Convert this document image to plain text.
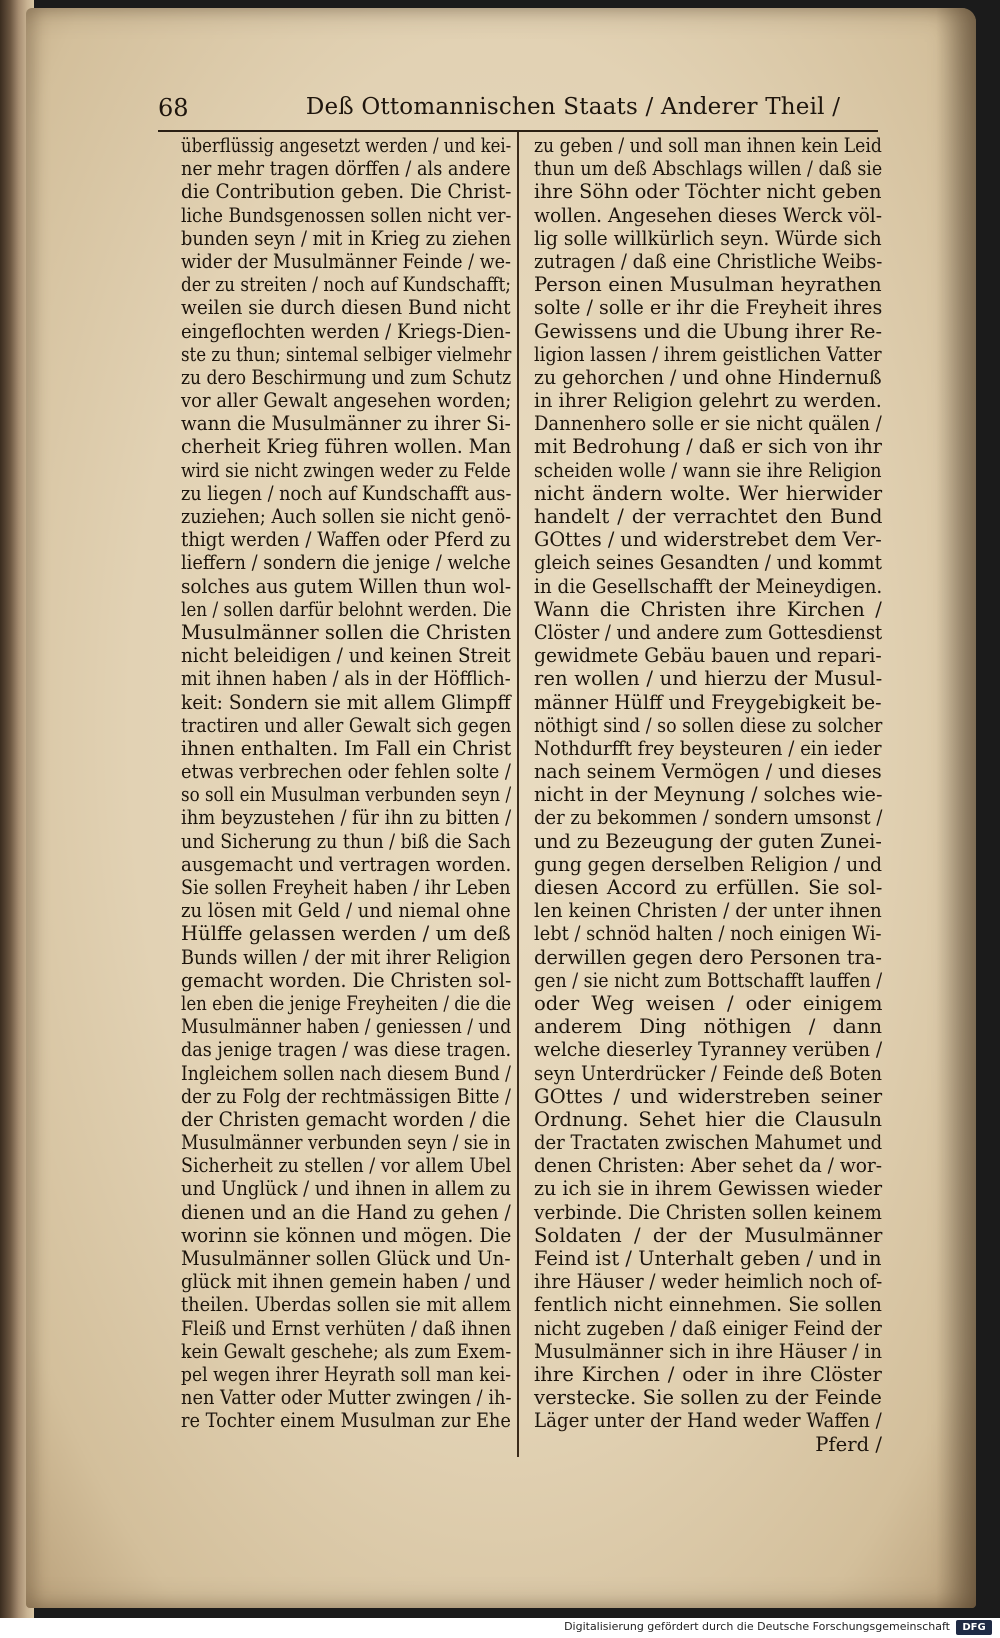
68	Deß Ottomannischen Staats / Anderer Theil /
überflüssig angesetzt werden / und kei-
ner mehr tragen dörffen / als andere
die Contribution geben. Die Christ-
liche Bundsgenossen sollen nicht ver-
bunden seyn / mit in Krieg zu ziehen
wider der Musulmänner Feinde / we-
der zu streiten / noch auf Kundschafft;
weilen sie durch diesen Bund nicht
eingeflochten werden / Kriegs-Dien-
ste zu thun; sintemal selbiger vielmehr
zu dero Beschirmung und zum Schutz
vor aller Gewalt angesehen worden;
wann die Musulmänner zu ihrer Si-
cherheit Krieg führen wollen. Man
wird sie nicht zwingen weder zu Felde
zu liegen / noch auf Kundschafft aus-
zuziehen; Auch sollen sie nicht genö-
thigt werden / Waffen oder Pferd zu
lieffern / sondern die jenige / welche
solches aus gutem Willen thun wol-
len / sollen darfür belohnt werden. Die
Musulmänner sollen die Christen
nicht beleidigen / und keinen Streit
mit ihnen haben / als in der Höfflich-
keit: Sondern sie mit allem Glimpff
tractiren und aller Gewalt sich gegen
ihnen enthalten. Im Fall ein Christ
etwas verbrechen oder fehlen solte /
so soll ein Musulman verbunden seyn /
ihm beyzustehen / für ihn zu bitten /
und Sicherung zu thun / biß die Sach
ausgemacht und vertragen worden.
Sie sollen Freyheit haben / ihr Leben
zu lösen mit Geld / und niemal ohne
Hülffe gelassen werden / um deß
Bunds willen / der mit ihrer Religion
gemacht worden. Die Christen sol-
len eben die jenige Freyheiten / die die
Musulmänner haben / geniessen / und
das jenige tragen / was diese tragen.
Ingleichem sollen nach diesem Bund /
der zu Folg der rechtmässigen Bitte /
der Christen gemacht worden / die
Musulmänner verbunden seyn / sie in
Sicherheit zu stellen / vor allem Ubel
und Unglück / und ihnen in allem zu
dienen und an die Hand zu gehen /
worinn sie können und mögen. Die
Musulmänner sollen Glück und Un-
glück mit ihnen gemein haben / und
theilen. Uberdas sollen sie mit allem
Fleiß und Ernst verhüten / daß ihnen
kein Gewalt geschehe; als zum Exem-
pel wegen ihrer Heyrath soll man kei-
nen Vatter oder Mutter zwingen / ih-
re Tochter einem Musulman zur Ehe
zu geben / und soll man ihnen kein Leid
thun um deß Abschlags willen / daß sie
ihre Söhn oder Töchter nicht geben
wollen. Angesehen dieses Werck völ-
lig solle willkürlich seyn. Würde sich
zutragen / daß eine Christliche Weibs-
Person einen Musulman heyrathen
solte / solle er ihr die Freyheit ihres
Gewissens und die Ubung ihrer Re-
ligion lassen / ihrem geistlichen Vatter
zu gehorchen / und ohne Hindernuß
in ihrer Religion gelehrt zu werden.
Dannenhero solle er sie nicht quälen /
mit Bedrohung / daß er sich von ihr
scheiden wolle / wann sie ihre Religion
nicht ändern wolte. Wer hierwider
handelt / der verrachtet den Bund
GOttes / und widerstrebet dem Ver-
gleich seines Gesandten / und kommt
in die Gesellschafft der Meineydigen.
Wann die Christen ihre Kirchen /
Clöster / und andere zum Gottesdienst
gewidmete Gebäu bauen und repari-
ren wollen / und hierzu der Musul-
männer Hülff und Freygebigkeit be-
nöthigt sind / so sollen diese zu solcher
Nothdurfft frey beysteuren / ein ieder
nach seinem Vermögen / und dieses
nicht in der Meynung / solches wie-
der zu bekommen / sondern umsonst /
und zu Bezeugung der guten Zunei-
gung gegen derselben Religion / und
diesen Accord zu erfüllen. Sie sol-
len keinen Christen / der unter ihnen
lebt / schnöd halten / noch einigen Wi-
derwillen gegen dero Personen tra-
gen / sie nicht zum Bottschafft lauffen /
oder Weg weisen / oder einigem
anderem Ding nöthigen / dann
welche dieserley Tyranney verüben /
seyn Unterdrücker / Feinde deß Boten
GOttes / und widerstreben seiner
Ordnung. Sehet hier die Clausuln
der Tractaten zwischen Mahumet und
denen Christen: Aber sehet da / wor-
zu ich sie in ihrem Gewissen wieder
verbinde. Die Christen sollen keinem
Soldaten / der der Musulmänner
Feind ist / Unterhalt geben / und in
ihre Häuser / weder heimlich noch of-
fentlich nicht einnehmen. Sie sollen
nicht zugeben / daß einiger Feind der
Musulmänner sich in ihre Häuser / in
ihre Kirchen / oder in ihre Clöster
verstecke. Sie sollen zu der Feinde
Läger unter der Hand weder Waffen /
Pferd /
Digitalisierung gefördert durch die Deutsche Forschungsgemeinschaft	DFG
